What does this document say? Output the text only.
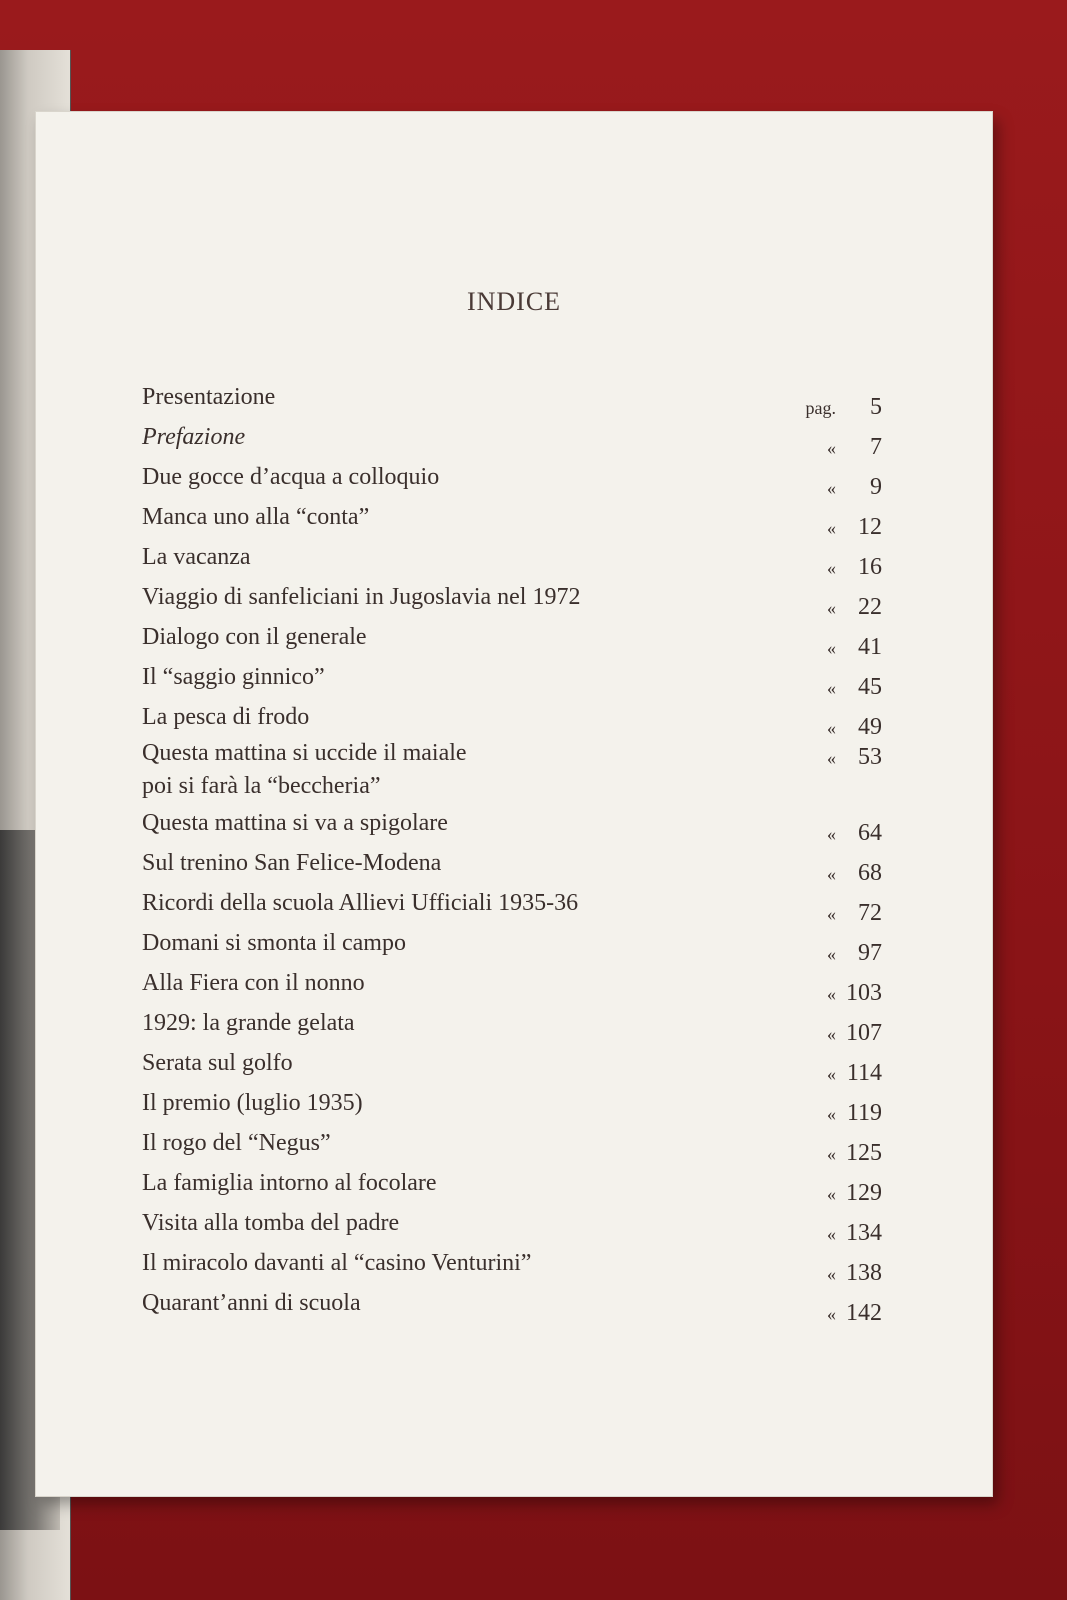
INDICE
Presentazione	pag.	5
Prefazione	«	7
Due gocce d’acqua a colloquio	«	9
Manca uno alla “conta”	« 12
La vacanza	« 16
Viaggio di sanfeliciani in Jugoslavia nel 1972	« 22
Dialogo con il generale	« 41
Il “saggio ginnico”	« 45
La pesca di frodo	« 49
Questa mattina si uccide il maiale
poi si farà la “beccheria”
« 53
Questa mattina si va a spigolare	« 64
Sul trenino San Felice-Modena	« 68
Ricordi della scuola Allievi Ufficiali 1935-36	« 72
Domani si smonta il campo	« 97
Alla Fiera con il nonno	« 103
1929: la grande gelata	« 107
Serata sul golfo	« 114
Il premio (luglio 1935)	« 119
Il rogo del “Negus”	« 125
La famiglia intorno al focolare	« 129
Visita alla tomba del padre	« 134
Il miracolo davanti al “casino Venturini”	« 138
Quarant’anni di scuola	« 142
